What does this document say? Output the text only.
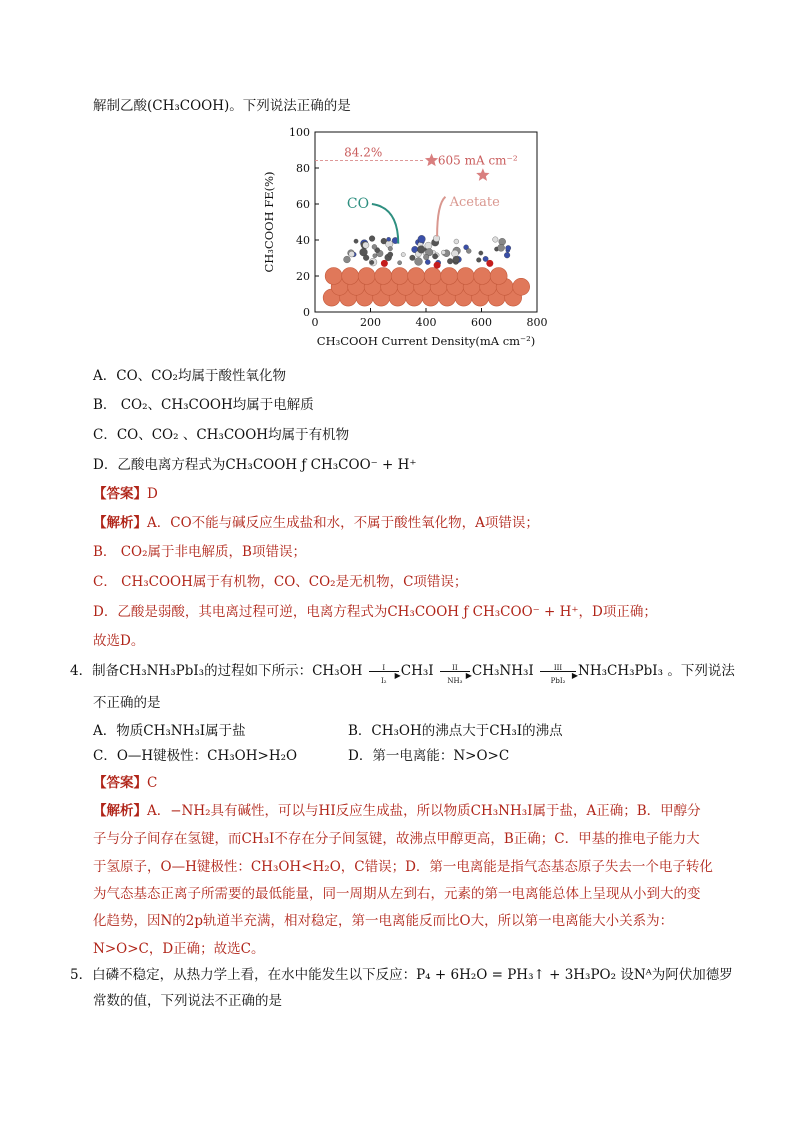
解制乙酸(CH₃COOH)。下列说法正确的是
0	200	400	600	800
0
20
40
60
80
100
84.2%
605 mA cm⁻²
CO	Acetate
CH₃COOH Current Density(mA cm⁻²)
CH₃COOH FE(%)
A．CO、CO₂均属于酸性氧化物
B． CO₂、CH₃COOH均属于电解质
C．CO、CO₂ 、CH₃COOH均属于有机物
D．乙酸电离方程式为CH₃COOH ƒ CH₃COO⁻ + H⁺
【答案】D
【解析】A．CO不能与碱反应生成盐和水，不属于酸性氧化物，A项错误；
B． CO₂属于非电解质，B项错误；
C． CH₃COOH属于有机物，CO、CO₂是无机物，C项错误；
D．乙酸是弱酸，其电离过程可逆，电离方程式为CH₃COOH ƒ CH₃COO⁻ + H⁺，D项正确；
故选D。
4．制备CH₃NH₃PbI₃的过程如下所示：CH₃OH	I
▶
I₂
CH₃I	II
▶
NH₃
CH₃NH₃I	III
▶
PbI₂
NH₃CH₃PbI₃ 。下列说法
不正确的是
A．物质CH₃NH₃I属于盐	B．CH₃OH的沸点大于CH₃I的沸点
C．O—H键极性：CH₃OH>H₂O	D．第一电离能：N>O>C
【答案】C
【解析】A．−NH₂具有碱性，可以与HI反应生成盐，所以物质CH₃NH₃I属于盐，A正确；B．甲醇分
子与分子间存在氢键，而CH₃I不存在分子间氢键，故沸点甲醇更高，B正确；C．甲基的推电子能力大
于氢原子，O—H键极性：CH₃OH<H₂O，C错误；D．第一电离能是指气态基态原子失去一个电子转化
为气态基态正离子所需要的最低能量，同一周期从左到右，元素的第一电离能总体上呈现从小到大的变
化趋势，因N的2p轨道半充满，相对稳定，第一电离能反而比O大，所以第一电离能大小关系为：
N>O>C，D正确；故选C。
5．白磷不稳定，从热力学上看，在水中能发生以下反应：P₄ + 6H₂O = PH₃↑ + 3H₃PO₂ 设Nᴬ为阿伏加德罗
常数的值，下列说法不正确的是
